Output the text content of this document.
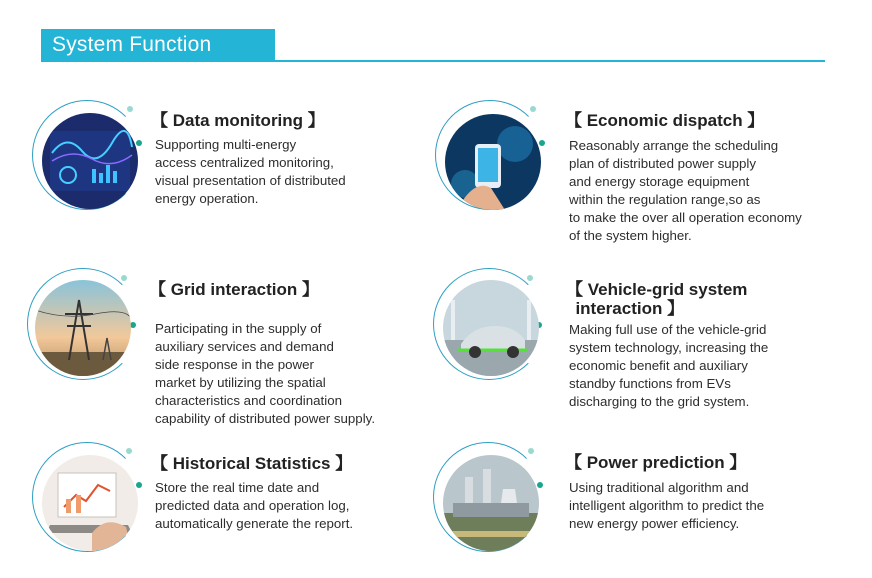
System Function
【 Data monitoring 】
Supporting multi-energy
access centralized monitoring,
visual presentation of distributed
energy operation.
【 Economic dispatch 】
Reasonably arrange the scheduling
plan of distributed power supply
and energy storage equipment
within the regulation range,so as
to make the over all operation economy
of the system higher.
【 Grid interaction 】
Participating in the supply of
auxiliary services and demand
side response in the power
market by utilizing the spatial
characteristics and coordination
capability of distributed power supply.
【 Vehicle-grid system
interaction 】
Making full use of the vehicle-grid
system technology, increasing the
economic benefit and auxiliary
standby functions from EVs
discharging to the grid system.
【 Historical Statistics 】
Store the real time date and
predicted data and operation log,
automatically generate the report.
【 Power prediction 】
Using traditional algorithm and
intelligent algorithm to predict the
new energy power efficiency.
